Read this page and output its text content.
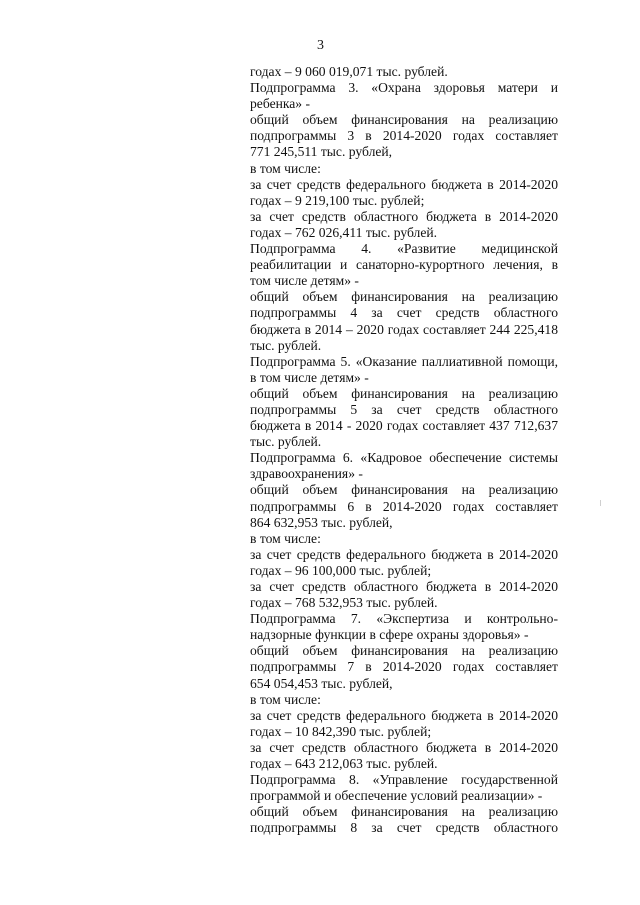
3
годах – 9 060 019,071 тыс. рублей.
Подпрограмма 3. «Охрана здоровья матери и
ребенка» -
общий объем финансирования на реализацию
подпрограммы 3 в 2014-2020 годах составляет
771 245,511 тыс. рублей,
в том числе:
за счет средств федерального бюджета в 2014-2020
годах – 9 219,100 тыс. рублей;
за счет средств областного бюджета в 2014-2020
годах – 762 026,411 тыс. рублей.
Подпрограмма 4. «Развитие медицинской
реабилитации и санаторно-курортного лечения, в
том числе детям» -
общий объем финансирования на реализацию
подпрограммы 4 за счет средств областного
бюджета в 2014 – 2020 годах составляет 244 225,418
тыс. рублей.
Подпрограмма 5. «Оказание паллиативной помощи,
в том числе детям» -
общий объем финансирования на реализацию
подпрограммы 5 за счет средств областного
бюджета в 2014 - 2020 годах составляет 437 712,637
тыс. рублей.
Подпрограмма 6. «Кадровое обеспечение системы
здравоохранения» -
общий объем финансирования на реализацию
подпрограммы 6 в 2014-2020 годах составляет
864 632,953 тыс. рублей,
в том числе:
за счет средств федерального бюджета в 2014-2020
годах – 96 100,000 тыс. рублей;
за счет средств областного бюджета в 2014-2020
годах – 768 532,953 тыс. рублей.
Подпрограмма 7. «Экспертиза и контрольно-
надзорные функции в сфере охраны здоровья» -
общий объем финансирования на реализацию
подпрограммы 7 в 2014-2020 годах составляет
654 054,453 тыс. рублей,
в том числе:
за счет средств федерального бюджета в 2014-2020
годах – 10 842,390 тыс. рублей;
за счет средств областного бюджета в 2014-2020
годах – 643 212,063 тыс. рублей.
Подпрограмма 8. «Управление государственной
программой и обеспечение условий реализации» -
общий объем финансирования на реализацию
подпрограммы 8 за счет средств областного
